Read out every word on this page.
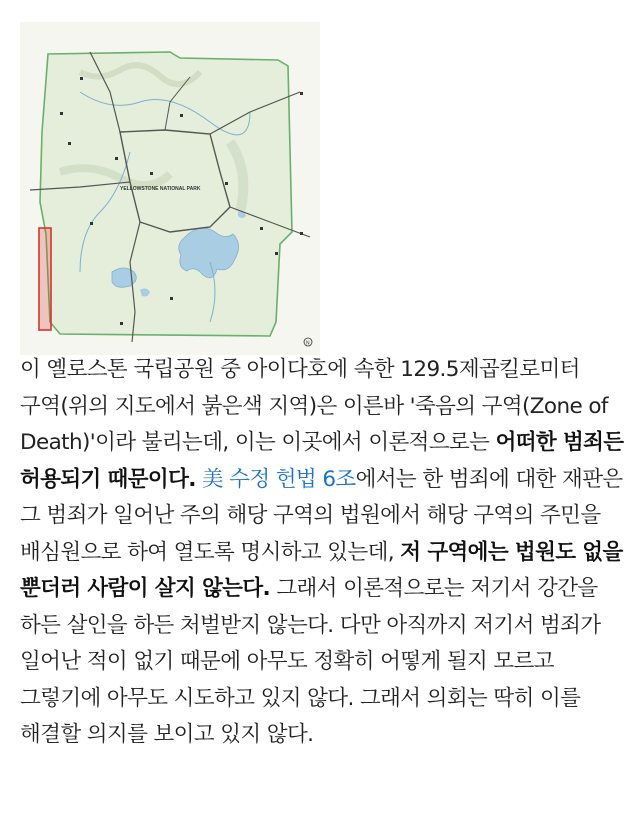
YELLOWSTONE NATIONAL PARK
N

이 옐로스톤 국립공원 중 아이다호에 속한 129.5제곱킬로미터 구역(위의 지도에서 붉은색 지역)은 이른바 '죽음의 구역(Zone of Death)'이라 불리는데, 이는 이곳에서 이론적으로는 어떠한 범죄든 허용되기 때문이다. 美 수정 헌법 6조에서는 한 범죄에 대한 재판은 그 범죄가 일어난 주의 해당 구역의 법원에서 해당 구역의 주민을 배심원으로 하여 열도록 명시하고 있는데, 저 구역에는 법원도 없을 뿐더러 사람이 살지 않는다. 그래서 이론적으로는 저기서 강간을 하든 살인을 하든 처벌받지 않는다. 다만 아직까지 저기서 범죄가 일어난 적이 없기 때문에 아무도 정확히 어떻게 될지 모르고 그렇기에 아무도 시도하고 있지 않다. 그래서 의회는 딱히 이를 해결할 의지를 보이고 있지 않다.
